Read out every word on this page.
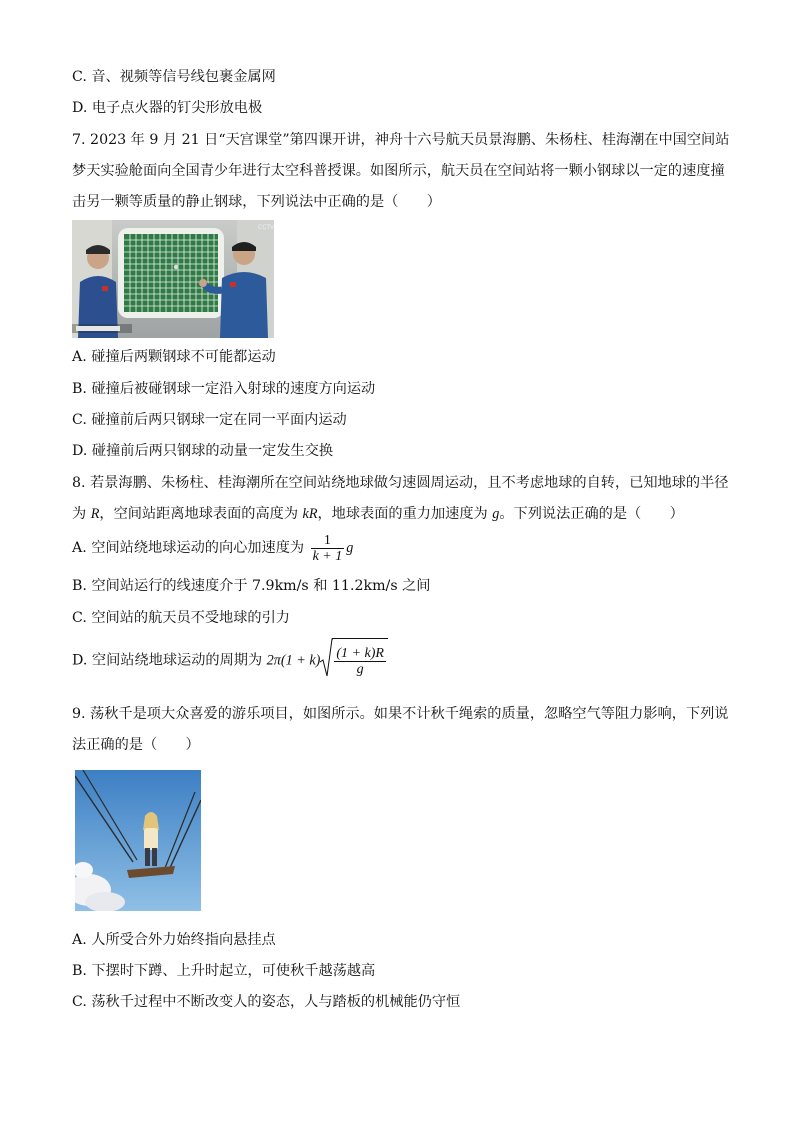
C. 音、视频等信号线包裹金属网
D. 电子点火器的钉尖形放电极
7. 2023 年 9 月 21 日“天宫课堂”第四课开讲，神舟十六号航天员景海鹏、朱杨柱、桂海潮在中国空间站
梦天实验舱面向全国青少年进行太空科普授课。如图所示，航天员在空间站将一颗小钢球以一定的速度撞
击另一颗等质量的静止钢球，下列说法中正确的是（　　）
CCTV
A. 碰撞后两颗钢球不可能都运动
B. 碰撞后被碰钢球一定沿入射球的速度方向运动
C. 碰撞前后两只钢球一定在同一平面内运动
D. 碰撞前后两只钢球的动量一定发生交换
8. 若景海鹏、朱杨柱、桂海潮所在空间站绕地球做匀速圆周运动，且不考虑地球的自转，已知地球的半径
为 R，空间站距离地球表面的高度为 kR，地球表面的重力加速度为 g。下列说法正确的是（　　）
A. 空间站绕地球运动的向心加速度为 $\frac{1}{k + 1}$ g
B. 空间站运行的线速度介于 7.9km/s 和 11.2km/s 之间
C. 空间站的航天员不受地球的引力
D. 空间站绕地球运动的周期为 $2\pi(1 + k) \frac{(1 + k)R}{g}$
9. 荡秋千是项大众喜爱的游乐项目，如图所示。如果不计秋千绳索的质量，忽略空气等阻力影响，下列说
法正确的是（　　）
A. 人所受合外力始终指向悬挂点
B. 下摆时下蹲、上升时起立，可使秋千越荡越高
C. 荡秋千过程中不断改变人的姿态，人与踏板的机械能仍守恒
